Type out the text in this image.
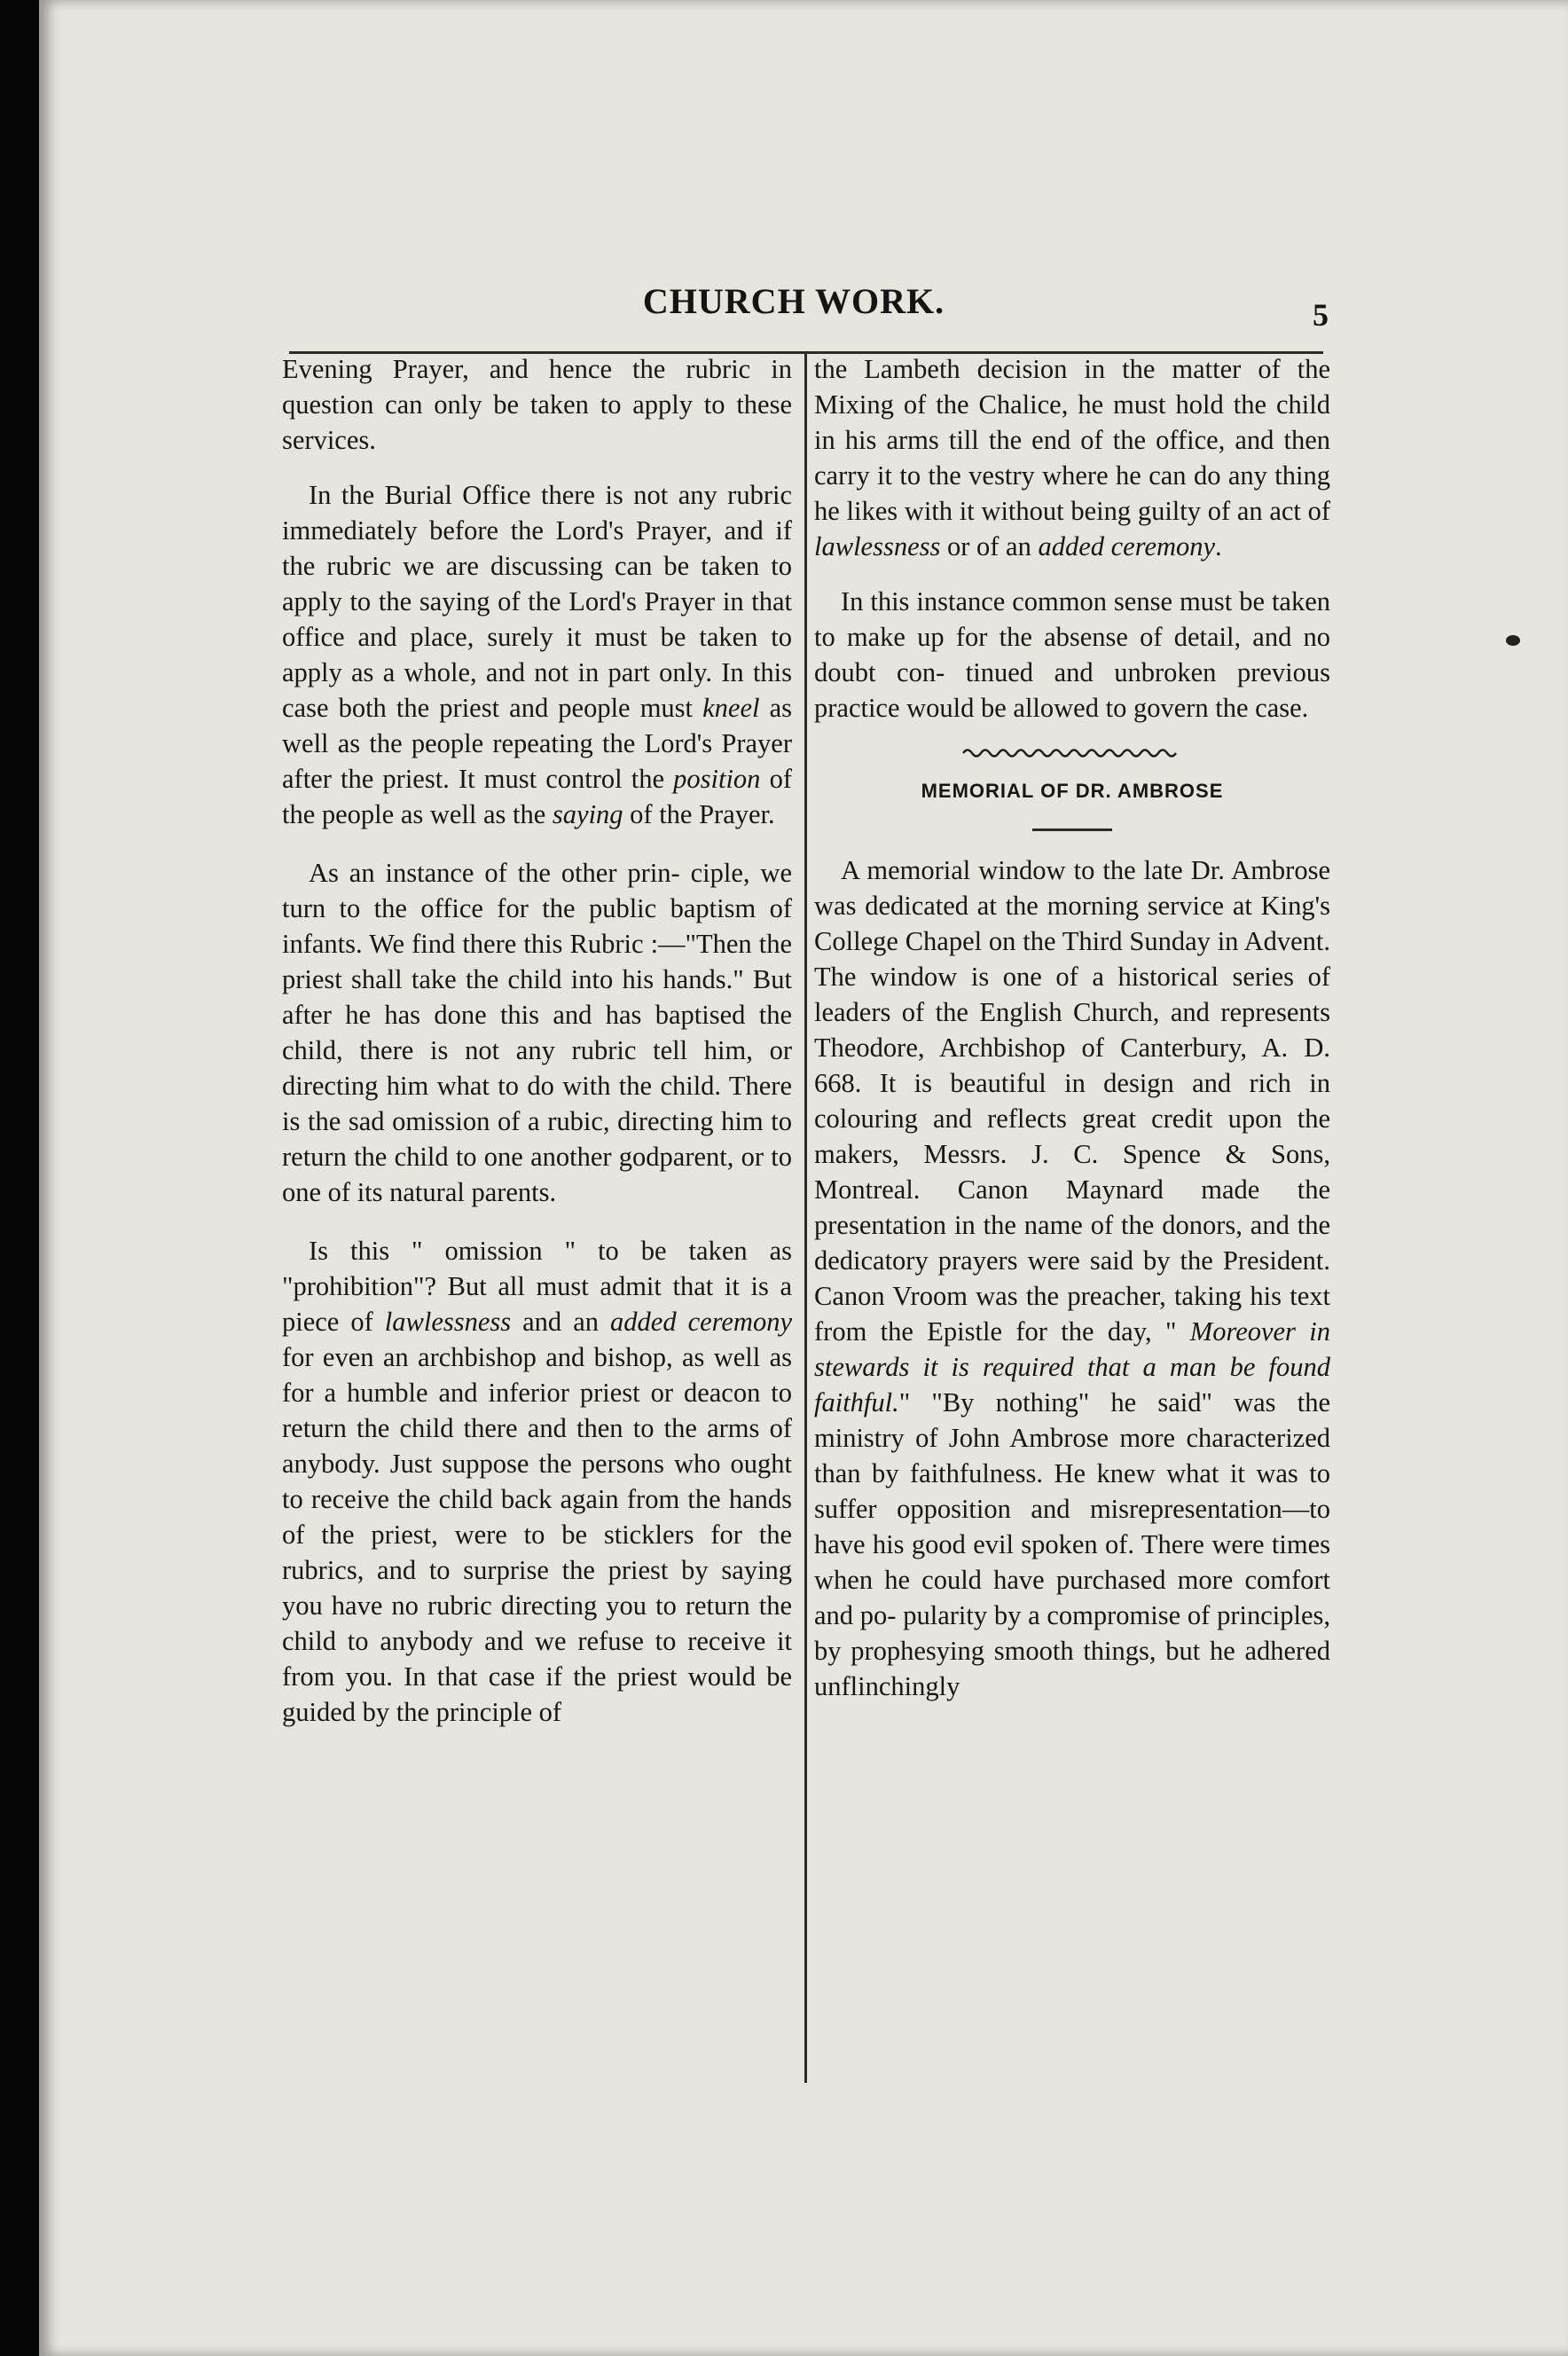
CHURCH WORK.	5

Evening Prayer, and hence the rubric in question can only be taken to apply to these services.

In the Burial Office there is not any rubric immediately before the Lord's Prayer, and if the rubric we are discussing can be taken to apply to the saying of the Lord's Prayer in that office and place, surely it must be taken to apply as a whole, and not in part only. In this case both the priest and people must kneel as well as the people repeating the Lord's Prayer after the priest. It must control the position of the people as well as the saying of the Prayer.

As an instance of the other prin- ciple, we turn to the office for the public baptism of infants. We find there this Rubric :—"Then the priest shall take the child into his hands." But after he has done this and has baptised the child, there is not any rubric tell him, or directing him what to do with the child. There is the sad omission of a rubic, directing him to return the child to one another godparent, or to one of its natural parents.

Is this " omission " to be taken as "prohibition"? But all must admit that it is a piece of lawlessness and an added ceremony for even an archbishop and bishop, as well as for a humble and inferior priest or deacon to return the child there and then to the arms of anybody. Just suppose the persons who ought to receive the child back again from the hands of the priest, were to be sticklers for the rubrics, and to surprise the priest by saying you have no rubric directing you to return the child to anybody and we refuse to receive it from you. In that case if the priest would be guided by the principle of

the Lambeth decision in the matter of the Mixing of the Chalice, he must hold the child in his arms till the end of the office, and then carry it to the vestry where he can do any thing he likes with it without being guilty of an act of lawlessness or of an added ceremony.

In this instance common sense must be taken to make up for the absense of detail, and no doubt con- tinued and unbroken previous practice would be allowed to govern the case.

MEMORIAL OF DR. AMBROSE

A memorial window to the late Dr. Ambrose was dedicated at the morning service at King's College Chapel on the Third Sunday in Advent. The window is one of a historical series of leaders of the English Church, and represents Theodore, Archbishop of Canterbury, A. D. 668. It is beautiful in design and rich in colouring and reflects great credit upon the makers, Messrs. J. C. Spence & Sons, Montreal. Canon Maynard made the presentation in the name of the donors, and the dedicatory prayers were said by the President. Canon Vroom was the preacher, taking his text from the Epistle for the day, " Moreover in stewards it is required that a man be found faithful." "By nothing" he said" was the ministry of John Ambrose more characterized than by faithfulness. He knew what it was to suffer opposition and misrepresentation—to have his good evil spoken of. There were times when he could have purchased more comfort and po- pularity by a compromise of principles, by prophesying smooth things, but he adhered unflinchingly
